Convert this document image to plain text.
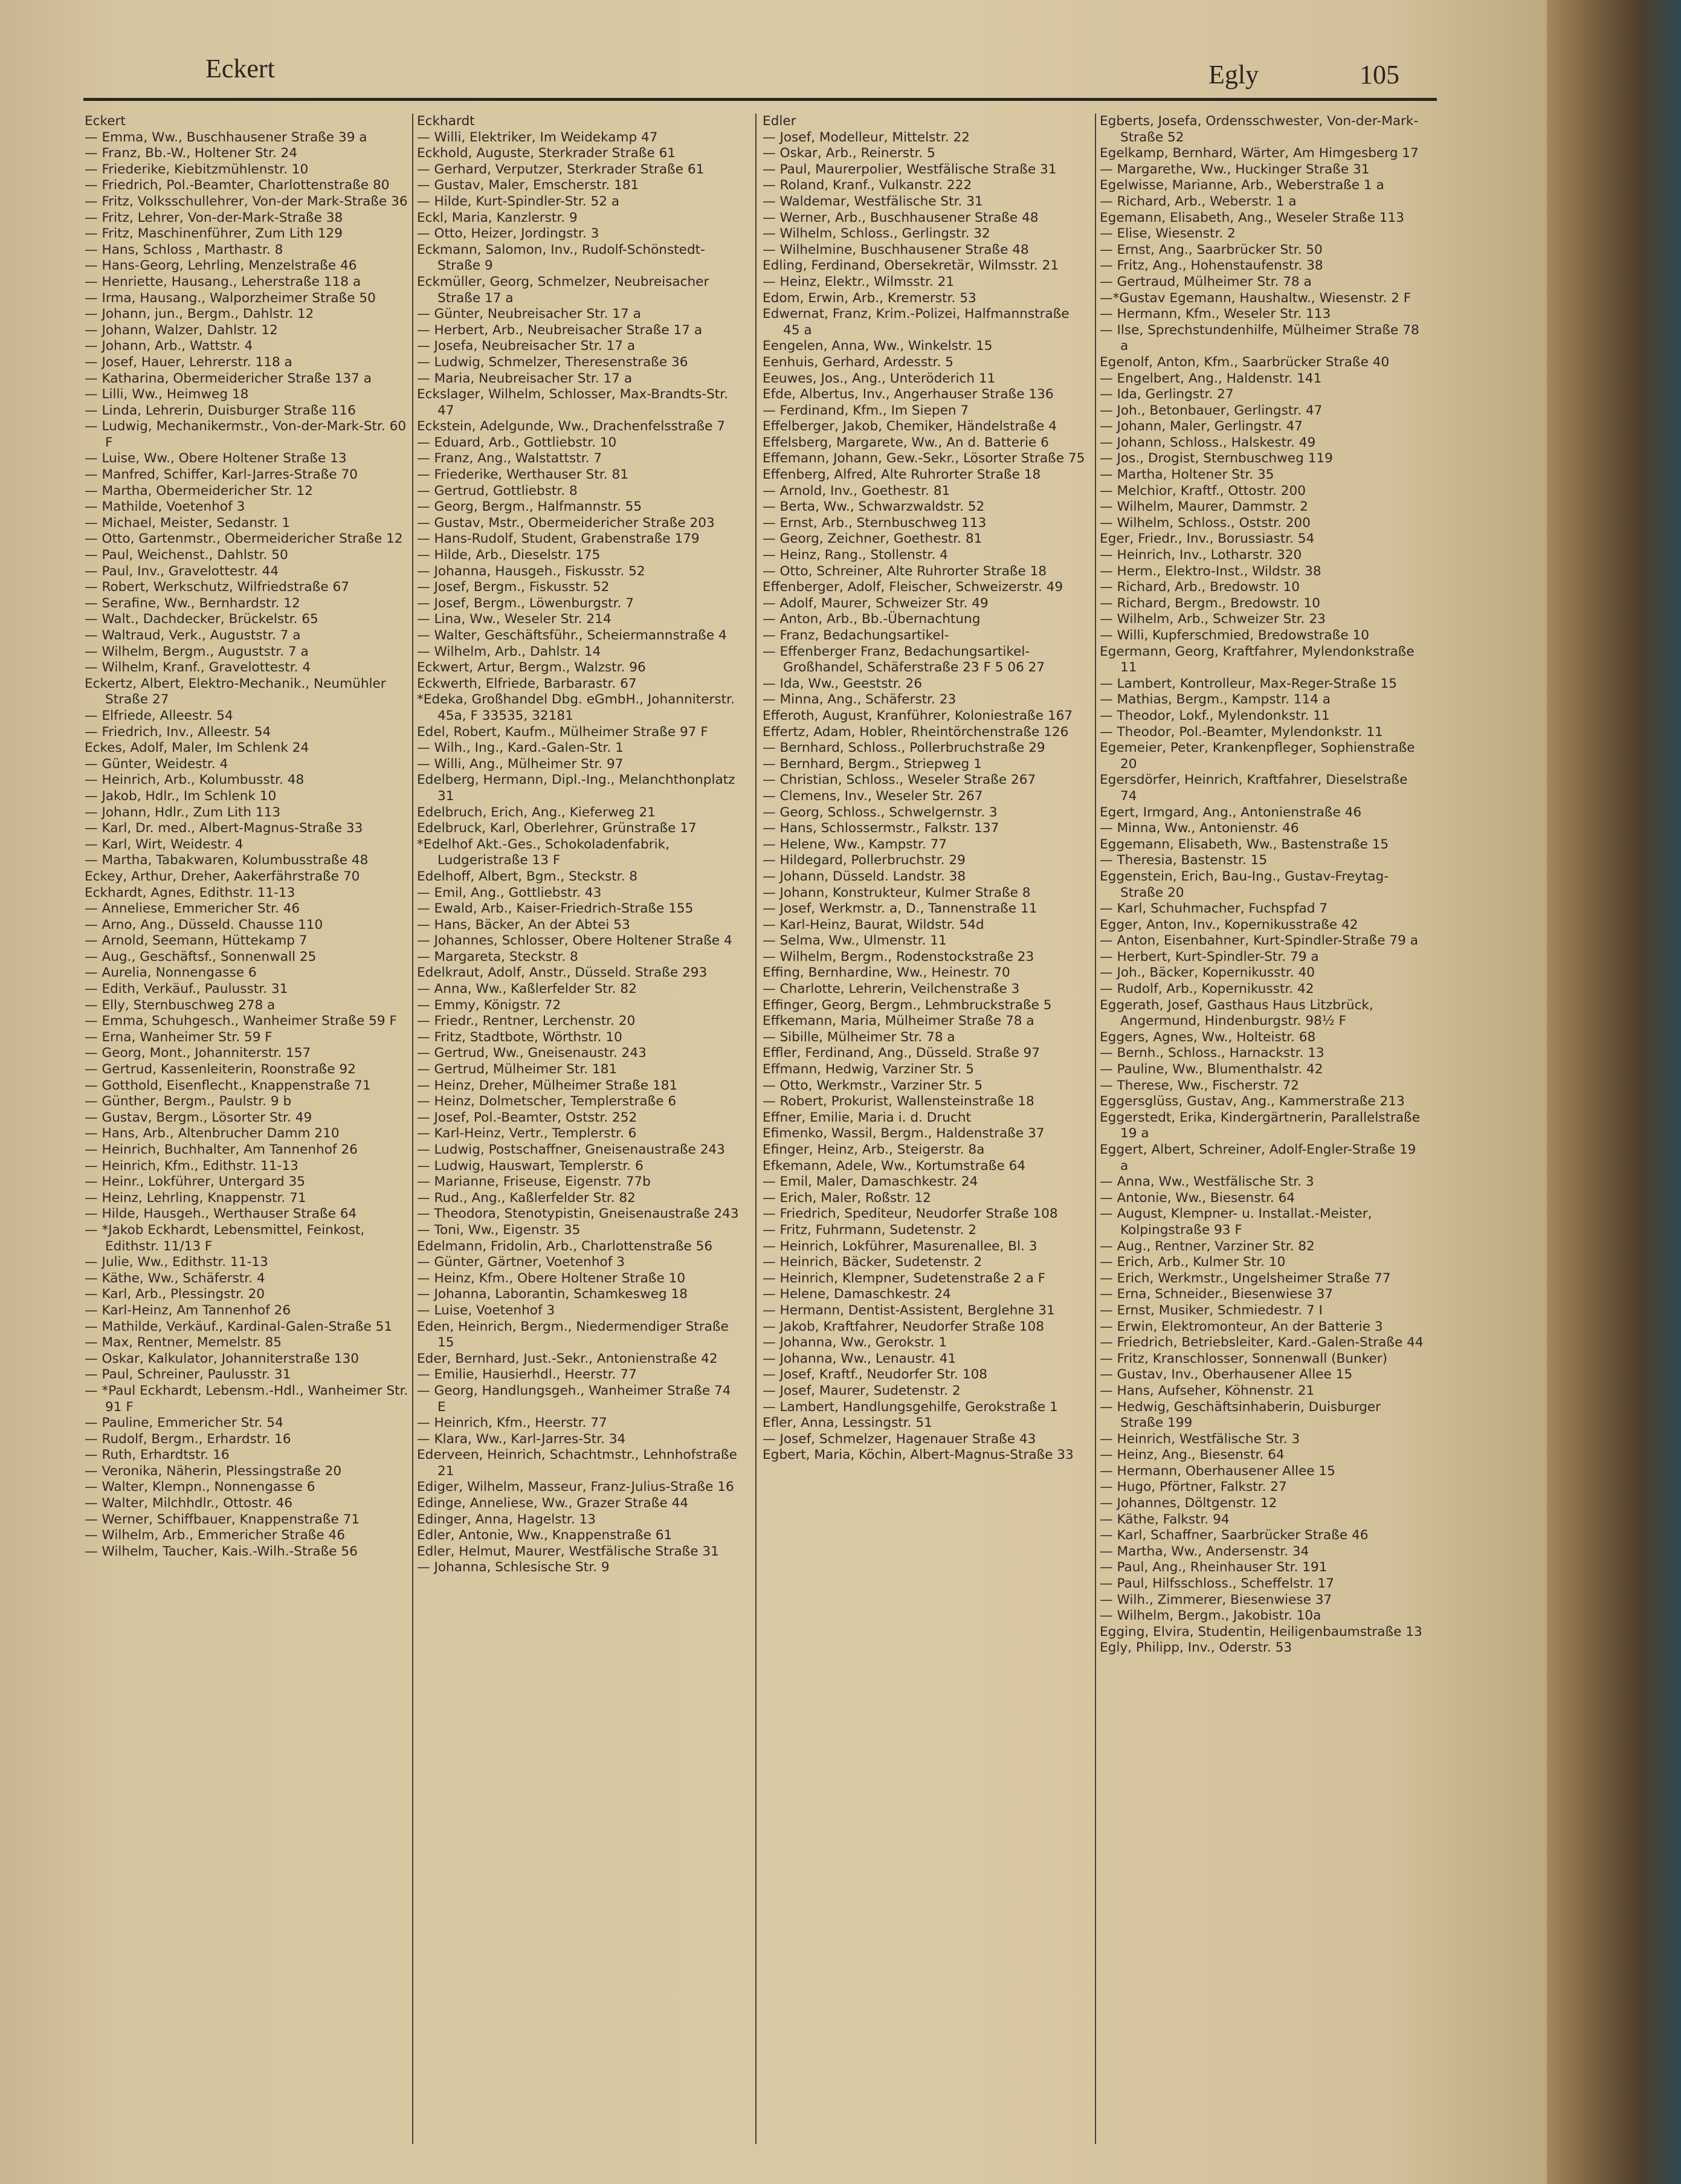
Eckert	Egly	105

Eckert

— Emma, Ww., Buschhausener Straße 39 a

— Franz, Bb.-W., Holtener Str. 24

— Friederike, Kiebitzmühlenstr. 10

— Friedrich, Pol.-Beamter, Charlottenstraße 80

— Fritz, Volksschullehrer, Von-der Mark-Straße 36

— Fritz, Lehrer, Von-der-Mark-Straße 38

— Fritz, Maschinenführer, Zum Lith 129

— Hans, Schloss , Marthastr. 8

— Hans-Georg, Lehrling, Menzelstraße 46

— Henriette, Hausang., Leherstraße 118 a

— Irma, Hausang., Walporzheimer Straße 50

— Johann, jun., Bergm., Dahlstr. 12

— Johann, Walzer, Dahlstr. 12

— Johann, Arb., Wattstr. 4

— Josef, Hauer, Lehrerstr. 118 a

— Katharina, Obermeidericher Straße 137 a

— Lilli, Ww., Heimweg 18

— Linda, Lehrerin, Duisburger Straße 116

— Ludwig, Mechanikermstr., Von-der-Mark-Str. 60 F

— Luise, Ww., Obere Holtener Straße 13

— Manfred, Schiffer, Karl-Jarres-Straße 70

— Martha, Obermeidericher Str. 12

— Mathilde, Voetenhof 3

— Michael, Meister, Sedanstr. 1

— Otto, Gartenmstr., Obermeidericher Straße 12

— Paul, Weichenst., Dahlstr. 50

— Paul, Inv., Gravelottestr. 44

— Robert, Werkschutz, Wilfriedstraße 67

— Serafine, Ww., Bernhardstr. 12

— Walt., Dachdecker, Brückelstr. 65

— Waltraud, Verk., Auguststr. 7 a

— Wilhelm, Bergm., Auguststr. 7 a

— Wilhelm, Kranf., Gravelottestr. 4

Eckertz, Albert, Elektro-Mechanik., Neumühler Straße 27

— Elfriede, Alleestr. 54

— Friedrich, Inv., Alleestr. 54

Eckes, Adolf, Maler, Im Schlenk 24

— Günter, Weidestr. 4

— Heinrich, Arb., Kolumbusstr. 48

— Jakob, Hdlr., Im Schlenk 10

— Johann, Hdlr., Zum Lith 113

— Karl, Dr. med., Albert-Magnus-Straße 33

— Karl, Wirt, Weidestr. 4

— Martha, Tabakwaren, Kolumbusstraße 48

Eckey, Arthur, Dreher, Aakerfährstraße 70

Eckhardt, Agnes, Edithstr. 11-13

— Anneliese, Emmericher Str. 46

— Arno, Ang., Düsseld. Chausse 110

— Arnold, Seemann, Hüttekamp 7

— Aug., Geschäftsf., Sonnenwall 25

— Aurelia, Nonnengasse 6

— Edith, Verkäuf., Paulusstr. 31

— Elly, Sternbuschweg 278 a

— Emma, Schuhgesch., Wanheimer Straße 59 F

— Erna, Wanheimer Str. 59 F

— Georg, Mont., Johanniterstr. 157

— Gertrud, Kassenleiterin, Roonstraße 92

— Gotthold, Eisenflecht., Knappenstraße 71

— Günther, Bergm., Paulstr. 9 b

— Gustav, Bergm., Lösorter Str. 49

— Hans, Arb., Altenbrucher Damm 210

— Heinrich, Buchhalter, Am Tannenhof 26

— Heinrich, Kfm., Edithstr. 11-13

— Heinr., Lokführer, Untergard 35

— Heinz, Lehrling, Knappenstr. 71

— Hilde, Hausgeh., Werthauser Straße 64

— *Jakob Eckhardt, Lebensmittel, Feinkost, Edithstr. 11/13 F

— Julie, Ww., Edithstr. 11-13

— Käthe, Ww., Schäferstr. 4

— Karl, Arb., Plessingstr. 20

— Karl-Heinz, Am Tannenhof 26

— Mathilde, Verkäuf., Kardinal-Galen-Straße 51

— Max, Rentner, Memelstr. 85

— Oskar, Kalkulator, Johanniterstraße 130

— Paul, Schreiner, Paulusstr. 31

— *Paul Eckhardt, Lebensm.-Hdl., Wanheimer Str. 91 F

— Pauline, Emmericher Str. 54

— Rudolf, Bergm., Erhardstr. 16

— Ruth, Erhardtstr. 16

— Veronika, Näherin, Plessingstraße 20

— Walter, Klempn., Nonnengasse 6

— Walter, Milchhdlr., Ottostr. 46

— Werner, Schiffbauer, Knappenstraße 71

— Wilhelm, Arb., Emmericher Straße 46

— Wilhelm, Taucher, Kais.-Wilh.-Straße 56

Eckhardt

— Willi, Elektriker, Im Weidekamp 47

Eckhold, Auguste, Sterkrader Straße 61

— Gerhard, Verputzer, Sterkrader Straße 61

— Gustav, Maler, Emscherstr. 181

— Hilde, Kurt-Spindler-Str. 52 a

Eckl, Maria, Kanzlerstr. 9

— Otto, Heizer, Jordingstr. 3

Eckmann, Salomon, Inv., Rudolf-Schönstedt-Straße 9

Eckmüller, Georg, Schmelzer, Neubreisacher Straße 17 a

— Günter, Neubreisacher Str. 17 a

— Herbert, Arb., Neubreisacher Straße 17 a

— Josefa, Neubreisacher Str. 17 a

— Ludwig, Schmelzer, Theresenstraße 36

— Maria, Neubreisacher Str. 17 a

Eckslager, Wilhelm, Schlosser, Max-Brandts-Str. 47

Eckstein, Adelgunde, Ww., Drachenfelsstraße 7

— Eduard, Arb., Gottliebstr. 10

— Franz, Ang., Walstattstr. 7

— Friederike, Werthauser Str. 81

— Gertrud, Gottliebstr. 8

— Georg, Bergm., Halfmannstr. 55

— Gustav, Mstr., Obermeidericher Straße 203

— Hans-Rudolf, Student, Grabenstraße 179

— Hilde, Arb., Dieselstr. 175

— Johanna, Hausgeh., Fiskusstr. 52

— Josef, Bergm., Fiskusstr. 52

— Josef, Bergm., Löwenburgstr. 7

— Lina, Ww., Weseler Str. 214

— Walter, Geschäftsführ., Scheiermannstraße 4

— Wilhelm, Arb., Dahlstr. 14

Eckwert, Artur, Bergm., Walzstr. 96

Eckwerth, Elfriede, Barbarastr. 67

*Edeka, Großhandel Dbg. eGmbH., Johanniterstr. 45a, F 33535, 32181

Edel, Robert, Kaufm., Mülheimer Straße 97 F

— Wilh., Ing., Kard.-Galen-Str. 1

— Willi, Ang., Mülheimer Str. 97

Edelberg, Hermann, Dipl.-Ing., Melanchthonplatz 31

Edelbruch, Erich, Ang., Kieferweg 21

Edelbruck, Karl, Oberlehrer, Grünstraße 17

*Edelhof Akt.-Ges., Schokoladenfabrik, Ludgeristraße 13 F

Edelhoff, Albert, Bgm., Steckstr. 8

— Emil, Ang., Gottliebstr. 43

— Ewald, Arb., Kaiser-Friedrich-Straße 155

— Hans, Bäcker, An der Abtei 53

— Johannes, Schlosser, Obere Holtener Straße 4

— Margareta, Steckstr. 8

Edelkraut, Adolf, Anstr., Düsseld. Straße 293

— Anna, Ww., Kaßlerfelder Str. 82

— Emmy, Königstr. 72

— Friedr., Rentner, Lerchenstr. 20

— Fritz, Stadtbote, Wörthstr. 10

— Gertrud, Ww., Gneisenaustr. 243

— Gertrud, Mülheimer Str. 181

— Heinz, Dreher, Mülheimer Straße 181

— Heinz, Dolmetscher, Templerstraße 6

— Josef, Pol.-Beamter, Oststr. 252

— Karl-Heinz, Vertr., Templerstr. 6

— Ludwig, Postschaffner, Gneisenaustraße 243

— Ludwig, Hauswart, Templerstr. 6

— Marianne, Friseuse, Eigenstr. 77b

— Rud., Ang., Kaßlerfelder Str. 82

— Theodora, Stenotypistin, Gneisenaustraße 243

— Toni, Ww., Eigenstr. 35

Edelmann, Fridolin, Arb., Charlottenstraße 56

— Günter, Gärtner, Voetenhof 3

— Heinz, Kfm., Obere Holtener Straße 10

— Johanna, Laborantin, Schamkesweg 18

— Luise, Voetenhof 3

Eden, Heinrich, Bergm., Niedermendiger Straße 15

Eder, Bernhard, Just.-Sekr., Antonienstraße 42

— Emilie, Hausierhdl., Heerstr. 77

— Georg, Handlungsgeh., Wanheimer Straße 74 E

— Heinrich, Kfm., Heerstr. 77

— Klara, Ww., Karl-Jarres-Str. 34

Ederveen, Heinrich, Schachtmstr., Lehnhofstraße 21

Ediger, Wilhelm, Masseur, Franz-Julius-Straße 16

Edinge, Anneliese, Ww., Grazer Straße 44

Edinger, Anna, Hagelstr. 13

Edler, Antonie, Ww., Knappenstraße 61

Edler, Helmut, Maurer, Westfälische Straße 31

— Johanna, Schlesische Str. 9

Edler

— Josef, Modelleur, Mittelstr. 22

— Oskar, Arb., Reinerstr. 5

— Paul, Maurerpolier, Westfälische Straße 31

— Roland, Kranf., Vulkanstr. 222

— Waldemar, Westfälische Str. 31

— Werner, Arb., Buschhausener Straße 48

— Wilhelm, Schloss., Gerlingstr. 32

— Wilhelmine, Buschhausener Straße 48

Edling, Ferdinand, Obersekretär, Wilmsstr. 21

— Heinz, Elektr., Wilmsstr. 21

Edom, Erwin, Arb., Kremerstr. 53

Edwernat, Franz, Krim.-Polizei, Halfmannstraße 45 a

Eengelen, Anna, Ww., Winkelstr. 15

Eenhuis, Gerhard, Ardesstr. 5

Eeuwes, Jos., Ang., Unteröderich 11

Efde, Albertus, Inv., Angerhauser Straße 136

— Ferdinand, Kfm., Im Siepen 7

Effelberger, Jakob, Chemiker, Händelstraße 4

Effelsberg, Margarete, Ww., An d. Batterie 6

Effemann, Johann, Gew.-Sekr., Lösorter Straße 75

Effenberg, Alfred, Alte Ruhrorter Straße 18

— Arnold, Inv., Goethestr. 81

— Berta, Ww., Schwarzwaldstr. 52

— Ernst, Arb., Sternbuschweg 113

— Georg, Zeichner, Goethestr. 81

— Heinz, Rang., Stollenstr. 4

— Otto, Schreiner, Alte Ruhrorter Straße 18

Effenberger, Adolf, Fleischer, Schweizerstr. 49

— Adolf, Maurer, Schweizer Str. 49

— Anton, Arb., Bb.-Übernachtung

— Franz, Bedachungsartikel-

— Effenberger Franz, Bedachungsartikel-Großhandel, Schäferstraße 23 F 5 06 27

— Ida, Ww., Geeststr. 26

— Minna, Ang., Schäferstr. 23

Efferoth, August, Kranführer, Koloniestraße 167

Effertz, Adam, Hobler, Rheintörchenstraße 126

— Bernhard, Schloss., Pollerbruchstraße 29

— Bernhard, Bergm., Striepweg 1

— Christian, Schloss., Weseler Straße 267

— Clemens, Inv., Weseler Str. 267

— Georg, Schloss., Schwelgernstr. 3

— Hans, Schlossermstr., Falkstr. 137

— Helene, Ww., Kampstr. 77

— Hildegard, Pollerbruchstr. 29

— Johann, Düsseld. Landstr. 38

— Johann, Konstrukteur, Kulmer Straße 8

— Josef, Werkmstr. a, D., Tannenstraße 11

— Karl-Heinz, Baurat, Wildstr. 54d

— Selma, Ww., Ulmenstr. 11

— Wilhelm, Bergm., Rodenstockstraße 23

Effing, Bernhardine, Ww., Heinestr. 70

— Charlotte, Lehrerin, Veilchenstraße 3

Effinger, Georg, Bergm., Lehmbruckstraße 5

Effkemann, Maria, Mülheimer Straße 78 a

— Sibille, Mülheimer Str. 78 a

Effler, Ferdinand, Ang., Düsseld. Straße 97

Effmann, Hedwig, Varziner Str. 5

— Otto, Werkmstr., Varziner Str. 5

— Robert, Prokurist, Wallensteinstraße 18

Effner, Emilie, Maria i. d. Drucht

Efimenko, Wassil, Bergm., Haldenstraße 37

Efinger, Heinz, Arb., Steigerstr. 8a

Efkemann, Adele, Ww., Kortumstraße 64

— Emil, Maler, Damaschkestr. 24

— Erich, Maler, Roßstr. 12

— Friedrich, Spediteur, Neudorfer Straße 108

— Fritz, Fuhrmann, Sudetenstr. 2

— Heinrich, Lokführer, Masurenallee, Bl. 3

— Heinrich, Bäcker, Sudetenstr. 2

— Heinrich, Klempner, Sudetenstraße 2 a F

— Helene, Damaschkestr. 24

— Hermann, Dentist-Assistent, Berglehne 31

— Jakob, Kraftfahrer, Neudorfer Straße 108

— Johanna, Ww., Gerokstr. 1

— Johanna, Ww., Lenaustr. 41

— Josef, Kraftf., Neudorfer Str. 108

— Josef, Maurer, Sudetenstr. 2

— Lambert, Handlungsgehilfe, Gerokstraße 1

Efler, Anna, Lessingstr. 51

— Josef, Schmelzer, Hagenauer Straße 43

Egbert, Maria, Köchin, Albert-Magnus-Straße 33

Egberts, Josefa, Ordensschwester, Von-der-Mark-Straße 52

Egelkamp, Bernhard, Wärter, Am Himgesberg 17

— Margarethe, Ww., Huckinger Straße 31

Egelwisse, Marianne, Arb., Weberstraße 1 a

— Richard, Arb., Weberstr. 1 a

Egemann, Elisabeth, Ang., Weseler Straße 113

— Elise, Wiesenstr. 2

— Ernst, Ang., Saarbrücker Str. 50

— Fritz, Ang., Hohenstaufenstr. 38

— Gertraud, Mülheimer Str. 78 a

—*Gustav Egemann, Haushaltw., Wiesenstr. 2 F

— Hermann, Kfm., Weseler Str. 113

— Ilse, Sprechstundenhilfe, Mülheimer Straße 78 a

Egenolf, Anton, Kfm., Saarbrücker Straße 40

— Engelbert, Ang., Haldenstr. 141

— Ida, Gerlingstr. 27

— Joh., Betonbauer, Gerlingstr. 47

— Johann, Maler, Gerlingstr. 47

— Johann, Schloss., Halskestr. 49

— Jos., Drogist, Sternbuschweg 119

— Martha, Holtener Str. 35

— Melchior, Kraftf., Ottostr. 200

— Wilhelm, Maurer, Dammstr. 2

— Wilhelm, Schloss., Oststr. 200

Eger, Friedr., Inv., Borussiastr. 54

— Heinrich, Inv., Lotharstr. 320

— Herm., Elektro-Inst., Wildstr. 38

— Richard, Arb., Bredowstr. 10

— Richard, Bergm., Bredowstr. 10

— Wilhelm, Arb., Schweizer Str. 23

— Willi, Kupferschmied, Bredowstraße 10

Egermann, Georg, Kraftfahrer, Mylendonkstraße 11

— Lambert, Kontrolleur, Max-Reger-Straße 15

— Mathias, Bergm., Kampstr. 114 a

— Theodor, Lokf., Mylendonkstr. 11

— Theodor, Pol.-Beamter, Mylendonkstr. 11

Egemeier, Peter, Krankenpfleger, Sophienstraße 20

Egersdörfer, Heinrich, Kraftfahrer, Dieselstraße 74

Egert, Irmgard, Ang., Antonienstraße 46

— Minna, Ww., Antonienstr. 46

Eggemann, Elisabeth, Ww., Bastenstraße 15

— Theresia, Bastenstr. 15

Eggenstein, Erich, Bau-Ing., Gustav-Freytag-Straße 20

— Karl, Schuhmacher, Fuchspfad 7

Egger, Anton, Inv., Kopernikusstraße 42

— Anton, Eisenbahner, Kurt-Spindler-Straße 79 a

— Herbert, Kurt-Spindler-Str. 79 a

— Joh., Bäcker, Kopernikusstr. 40

— Rudolf, Arb., Kopernikusstr. 42

Eggerath, Josef, Gasthaus Haus Litzbrück, Angermund, Hindenburgstr. 98½ F

Eggers, Agnes, Ww., Holteistr. 68

— Bernh., Schloss., Harnackstr. 13

— Pauline, Ww., Blumenthalstr. 42

— Therese, Ww., Fischerstr. 72

Eggersglüss, Gustav, Ang., Kammerstraße 213

Eggerstedt, Erika, Kindergärtnerin, Parallelstraße 19 a

Eggert, Albert, Schreiner, Adolf-Engler-Straße 19 a

— Anna, Ww., Westfälische Str. 3

— Antonie, Ww., Biesenstr. 64

— August, Klempner- u. Installat.-Meister, Kolpingstraße 93 F

— Aug., Rentner, Varziner Str. 82

— Erich, Arb., Kulmer Str. 10

— Erich, Werkmstr., Ungelsheimer Straße 77

— Erna, Schneider., Biesenwiese 37

— Ernst, Musiker, Schmiedestr. 7 I

— Erwin, Elektromonteur, An der Batterie 3

— Friedrich, Betriebsleiter, Kard.-Galen-Straße 44

— Fritz, Kranschlosser, Sonnenwall (Bunker)

— Gustav, Inv., Oberhausener Allee 15

— Hans, Aufseher, Köhnenstr. 21

— Hedwig, Geschäftsinhaberin, Duisburger Straße 199

— Heinrich, Westfälische Str. 3

— Heinz, Ang., Biesenstr. 64

— Hermann, Oberhausener Allee 15

— Hugo, Pförtner, Falkstr. 27

— Johannes, Döltgenstr. 12

— Käthe, Falkstr. 94

— Karl, Schaffner, Saarbrücker Straße 46

— Martha, Ww., Andersenstr. 34

— Paul, Ang., Rheinhauser Str. 191

— Paul, Hilfsschloss., Scheffelstr. 17

— Wilh., Zimmerer, Biesenwiese 37

— Wilhelm, Bergm., Jakobistr. 10a

Egging, Elvira, Studentin, Heiligenbaumstraße 13

Egly, Philipp, Inv., Oderstr. 53
